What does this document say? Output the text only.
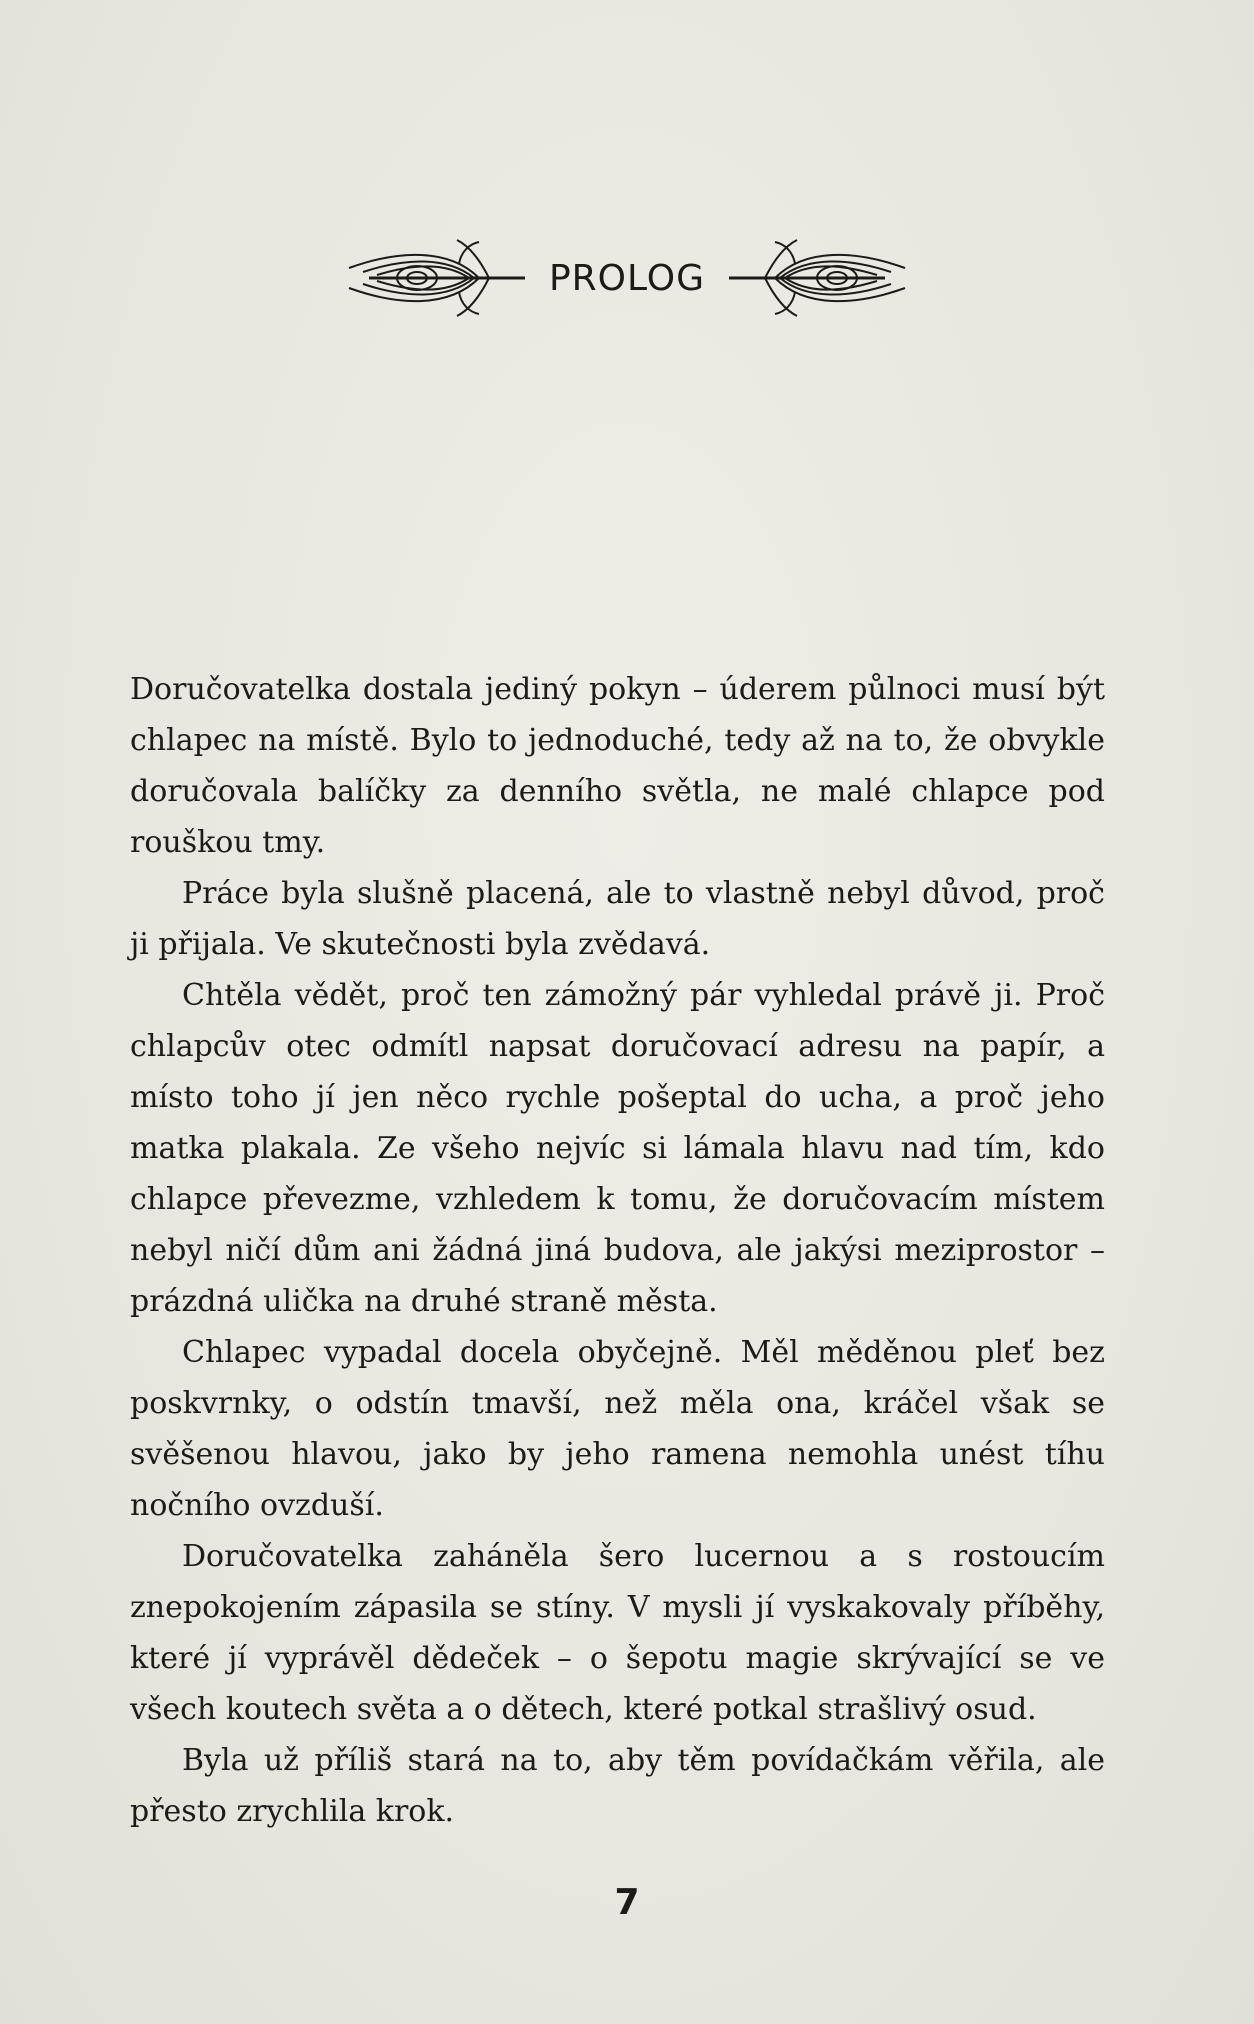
PROLOG

Doručovatelka dostala jediný pokyn – úderem půlnoci musí být chlapec na místě. Bylo to jednoduché, tedy až na to, že obvykle doručovala balíčky za denního světla, ne malé chlapce pod rouškou tmy.

Práce byla slušně placená, ale to vlastně nebyl důvod, proč ji přijala. Ve skutečnosti byla zvědavá.

Chtěla vědět, proč ten zámožný pár vyhledal právě ji. Proč chlapcův otec odmítl napsat doručovací adresu na papír, a místo toho jí jen něco rychle pošeptal do ucha, a proč jeho matka plakala. Ze všeho nejvíc si lámala hlavu nad tím, kdo chlapce převezme, vzhledem k tomu, že doručovacím místem nebyl ničí dům ani žádná jiná budova, ale jakýsi meziprostor – prázdná ulička na druhé straně města.

Chlapec vypadal docela obyčejně. Měl měděnou pleť bez poskvrnky, o odstín tmavší, než měla ona, kráčel však se svěšenou hlavou, jako by jeho ramena nemohla unést tíhu nočního ovzduší.

Doručovatelka zaháněla šero lucernou a s rostoucím znepokojením zápasila se stíny. V mysli jí vyskakovaly příběhy, které jí vyprávěl dědeček – o šepotu magie skrývající se ve všech koutech světa a o dětech, které potkal strašlivý osud.

Byla už příliš stará na to, aby těm povídačkám věřila, ale přesto zrychlila krok.

7
